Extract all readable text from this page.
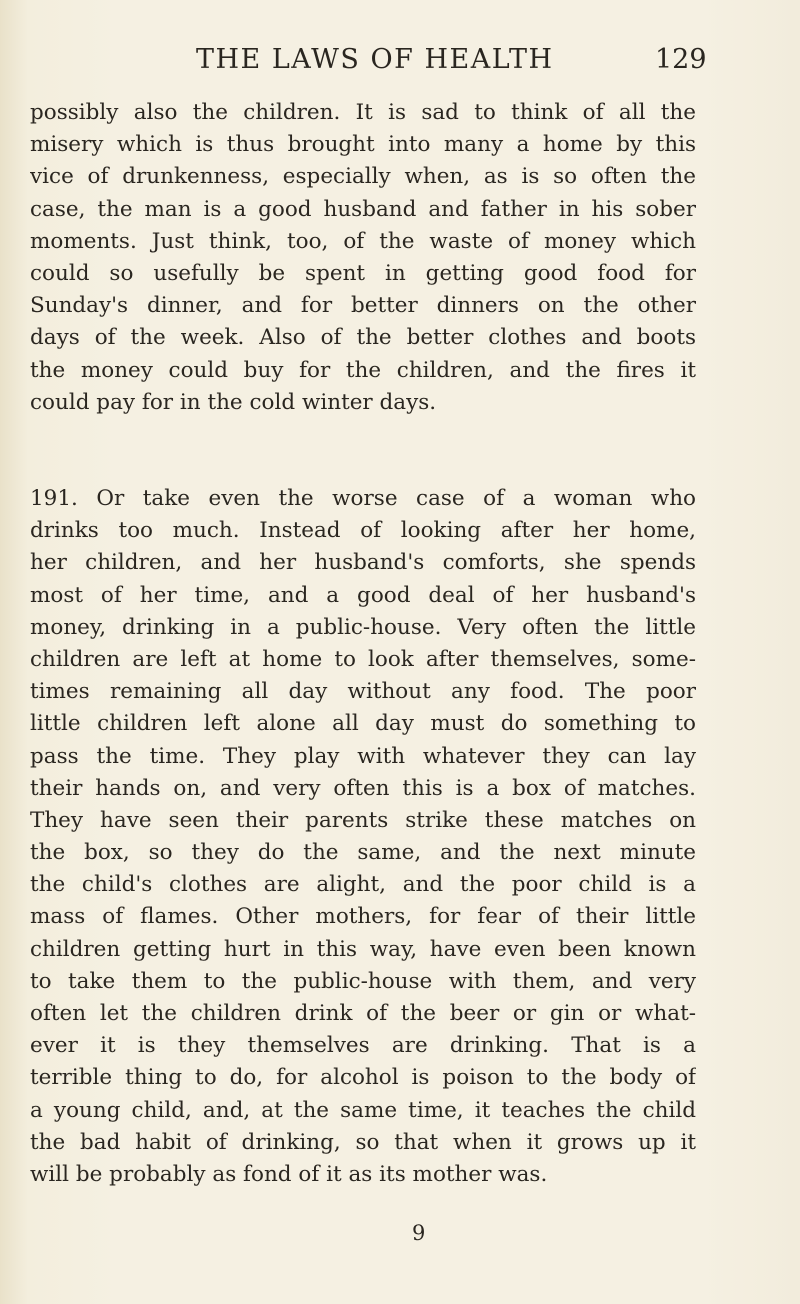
THE LAWS OF HEALTH	129
possibly also the children. It is sad to think of all the
misery which is thus brought into many a home by this
vice of drunkenness, especially when, as is so often the
case, the man is a good husband and father in his sober
moments. Just think, too, of the waste of money which
could so usefully be spent in getting good food for
Sunday's dinner, and for better dinners on the other
days of the week. Also of the better clothes and boots
the money could buy for the children, and the fires it
could pay for in the cold winter days.
191. Or take even the worse case of a woman who
drinks too much. Instead of looking after her home,
her children, and her husband's comforts, she spends
most of her time, and a good deal of her husband's
money, drinking in a public-house. Very often the little
children are left at home to look after themselves, some-
times remaining all day without any food. The poor
little children left alone all day must do something to
pass the time. They play with whatever they can lay
their hands on, and very often this is a box of matches.
They have seen their parents strike these matches on
the box, so they do the same, and the next minute
the child's clothes are alight, and the poor child is a
mass of flames. Other mothers, for fear of their little
children getting hurt in this way, have even been known
to take them to the public-house with them, and very
often let the children drink of the beer or gin or what-
ever it is they themselves are drinking. That is a
terrible thing to do, for alcohol is poison to the body of
a young child, and, at the same time, it teaches the child
the bad habit of drinking, so that when it grows up it
will be probably as fond of it as its mother was.
9
